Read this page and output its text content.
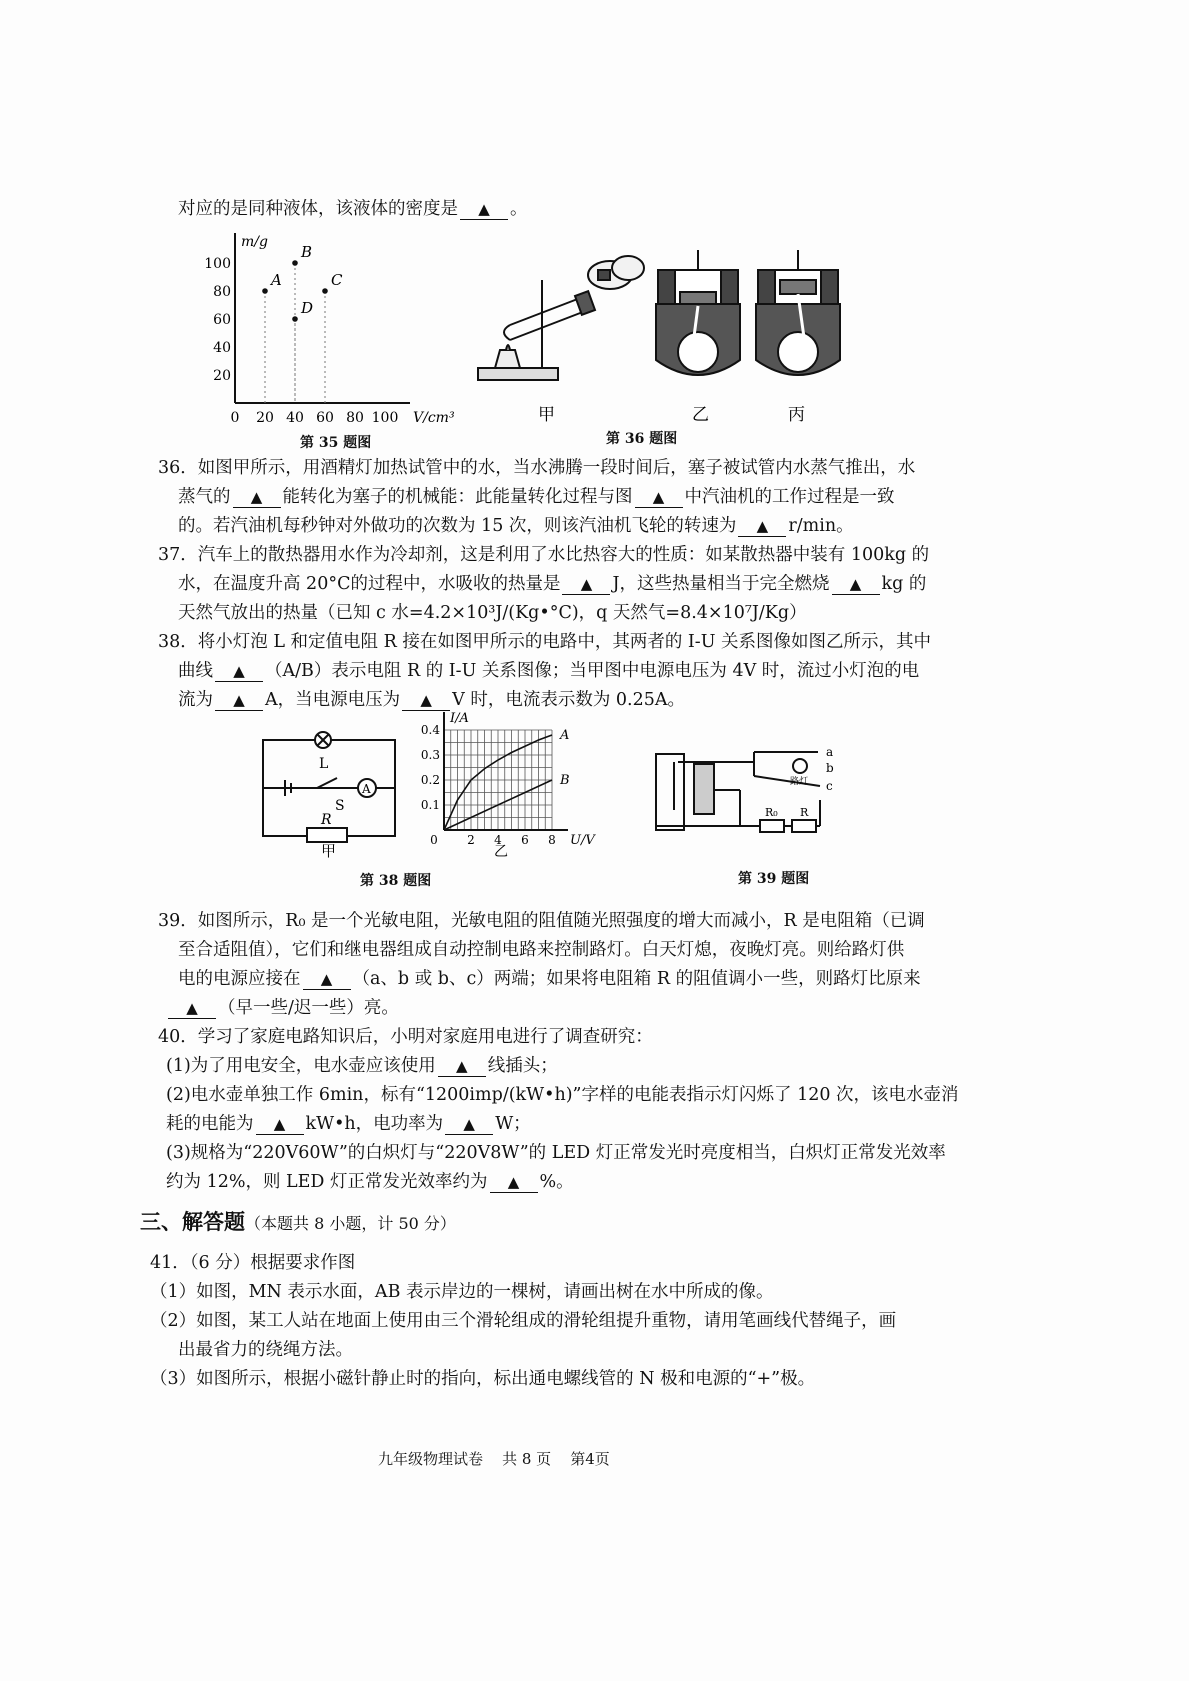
对应的是同种液体，该液体的密度是 ▲ 。
0 20 40 60 80 100
20
40
60
80
100
V/cm³
m/g
A
B
C
D
第 35 题图
甲	乙	丙
第 36 题图
36．如图甲所示，用酒精灯加热试管中的水，当水沸腾一段时间后，塞子被试管内水蒸气推出，水
蒸气的 ▲ 能转化为塞子的机械能：此能量转化过程与图 ▲ 中汽油机的工作过程是一致
的。若汽油机每秒钟对外做功的次数为 15 次，则该汽油机飞轮的转速为 ▲ r/min。
37．汽车上的散热器用水作为冷却剂，这是利用了水比热容大的性质：如某散热器中装有 100kg 的
水，在温度升高 20°C的过程中，水吸收的热量是 ▲ J，这些热量相当于完全燃烧 ▲ kg 的
天然气放出的热量（已知 c 水=4.2×10³J/(Kg•°C)，q 天然气=8.4×10⁷J/Kg）
38．将小灯泡 L 和定值电阻 R 接在如图甲所示的电路中，其两者的 I-U 关系图像如图乙所示，其中
曲线 ▲ （A/B）表示电阻 R 的 I-U 关系图像；当甲图中电源电压为 4V 时，流过小灯泡的电
流为 ▲ A，当电源电压为 ▲ V 时，电流表示数为 0.25A。
L
S
R
A
甲
0 2 4 6 8
0.1
0.2
0.3
0.4
U/V
I/A
A
B
乙
第 38 题图
a
b
c
R₀ R
路灯
第 39 题图
39．如图所示，R₀ 是一个光敏电阻，光敏电阻的阻值随光照强度的增大而减小，R 是电阻箱（已调
至合适阻值），它们和继电器组成自动控制电路来控制路灯。白天灯熄，夜晚灯亮。则给路灯供
电的电源应接在 ▲ （a、b 或 b、c）两端；如果将电阻箱 R 的阻值调小一些，则路灯比原来
▲ （早一些/迟一些）亮。
40．学习了家庭电路知识后，小明对家庭用电进行了调查研究：
(1)为了用电安全，电水壶应该使用 ▲ 线插头；
(2)电水壶单独工作 6min，标有“1200imp/(kW•h)”字样的电能表指示灯闪烁了 120 次，该电水壶消
耗的电能为 ▲ kW•h，电功率为 ▲ W；
(3)规格为“220V60W”的白炽灯与“220V8W”的 LED 灯正常发光时亮度相当，白炽灯正常发光效率
约为 12%，则 LED 灯正常发光效率约为 ▲ %。
三、解答题（本题共 8 小题，计 50 分）
41．（6 分）根据要求作图
（1）如图，MN 表示水面，AB 表示岸边的一棵树，请画出树在水中所成的像。
（2）如图，某工人站在地面上使用由三个滑轮组成的滑轮组提升重物，请用笔画线代替绳子，画
出最省力的绕绳方法。
（3）如图所示，根据小磁针静止时的指向，标出通电螺线管的 N 极和电源的“+”极。
九年级物理试卷 共 8 页 第4页
